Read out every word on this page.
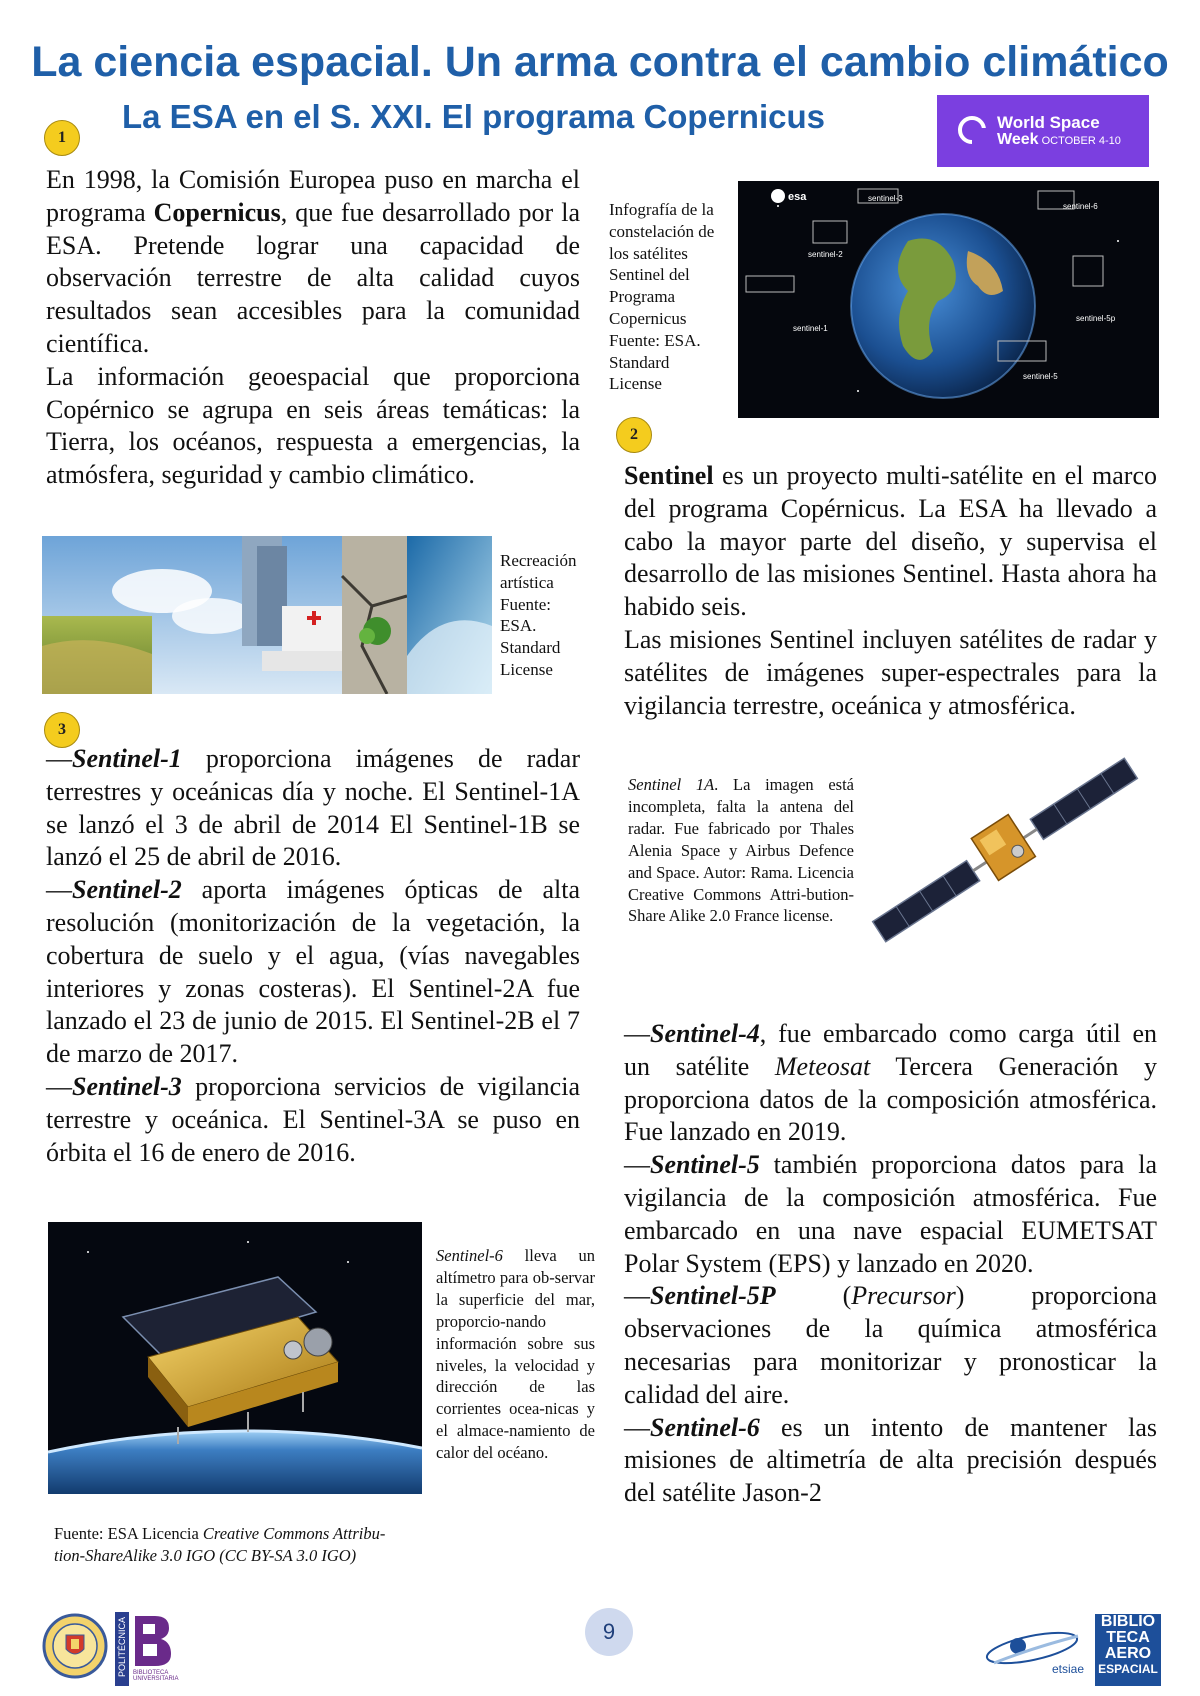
La ciencia espacial. Un arma contra el cambio climático
La ESA en el S. XXI. El programa Copernicus	World Space
Week OCTOBER 4-10
1
2
3

En 1998, la Comisión Europea puso en marcha el programa Copernicus, que fue desarrollado por la ESA. Pretende lograr una capacidad de observación terrestre de alta calidad cuyos resultados sean accesibles para la comunidad científica.

La información geoespacial que proporciona Copérnico se agrupa en seis áreas temáticas: la Tierra, los océanos, respuesta a emergencias, la atmósfera, seguridad y cambio climático.

Recreación
artística
Fuente:
ESA.
Standard
License

—Sentinel-1 proporciona imágenes de radar terrestres y oceánicas día y noche. El Sentinel-1A se lanzó el 3 de abril de 2014 El Sentinel-1B se lanzó el 25 de abril de 2016.

—Sentinel-2 aporta imágenes ópticas de alta resolución (monitorización de la vegetación, la cobertura de suelo y el agua, (vías navegables interiores y zonas costeras). El Sentinel-2A fue lanzado el 23 de junio de 2015. El Sentinel-2B el 7 de marzo de 2017.

—Sentinel-3 proporciona servicios de vigilancia terrestre y oceánica. El Sentinel-3A se puso en órbita el 16 de enero de 2016.

Sentinel-6 lleva un altímetro para ob-servar la superficie del mar, proporcio-nando información sobre sus niveles, la velocidad y dirección de las corrientes ocea-nicas y el almace-namiento de calor del océano.

Fuente: ESA Licencia Creative Commons Attribu-
tion-ShareAlike 3.0 IGO (CC BY-SA 3.0 IGO)
esa	sentinel-3
sentinel-2
sentinel-1
sentinel-6
sentinel-5p
sentinel-5
Infografía de la
constelación de
los satélites
Sentinel del
Programa
Copernicus
Fuente: ESA.
Standard
License

Sentinel es un proyecto multi-satélite en el marco del programa Copérnicus. La ESA ha llevado a cabo la mayor parte del diseño, y supervisa el desarrollo de las misiones Sentinel. Hasta ahora ha habido seis.

Las misiones Sentinel incluyen satélites de radar y satélites de imágenes super-espectrales para la vigilancia terrestre, oceánica y atmosférica.

Sentinel 1A. La imagen está incompleta, falta la antena del radar. Fue fabricado por Thales Alenia Space y Airbus Defence and Space. Autor: Rama. Licencia Creative Commons Attri-bution-Share Alike 2.0 France license.

—Sentinel-4, fue embarcado como carga útil en un satélite Meteosat Tercera Generación y proporciona datos de la composición atmosférica. Fue lanzado en 2019.

—Sentinel-5 también proporciona datos para la vigilancia de la composición atmosférica. Fue embarcado en una nave espacial EUMETSAT Polar System (EPS) y lanzado en 2020.

—Sentinel-5P (Precursor) proporciona observaciones de la química atmosférica necesarias para monitorizar y pronosticar la calidad del aire.

—Sentinel-6 es un intento de mantener las misiones de altimetría de alta precisión después del satélite Jason-2

9
POLITÉCNICA BIBLIOTECA UNIVERSITARIA
etsiae
BIBLIO
TECA
AERO
ESPACIAL
